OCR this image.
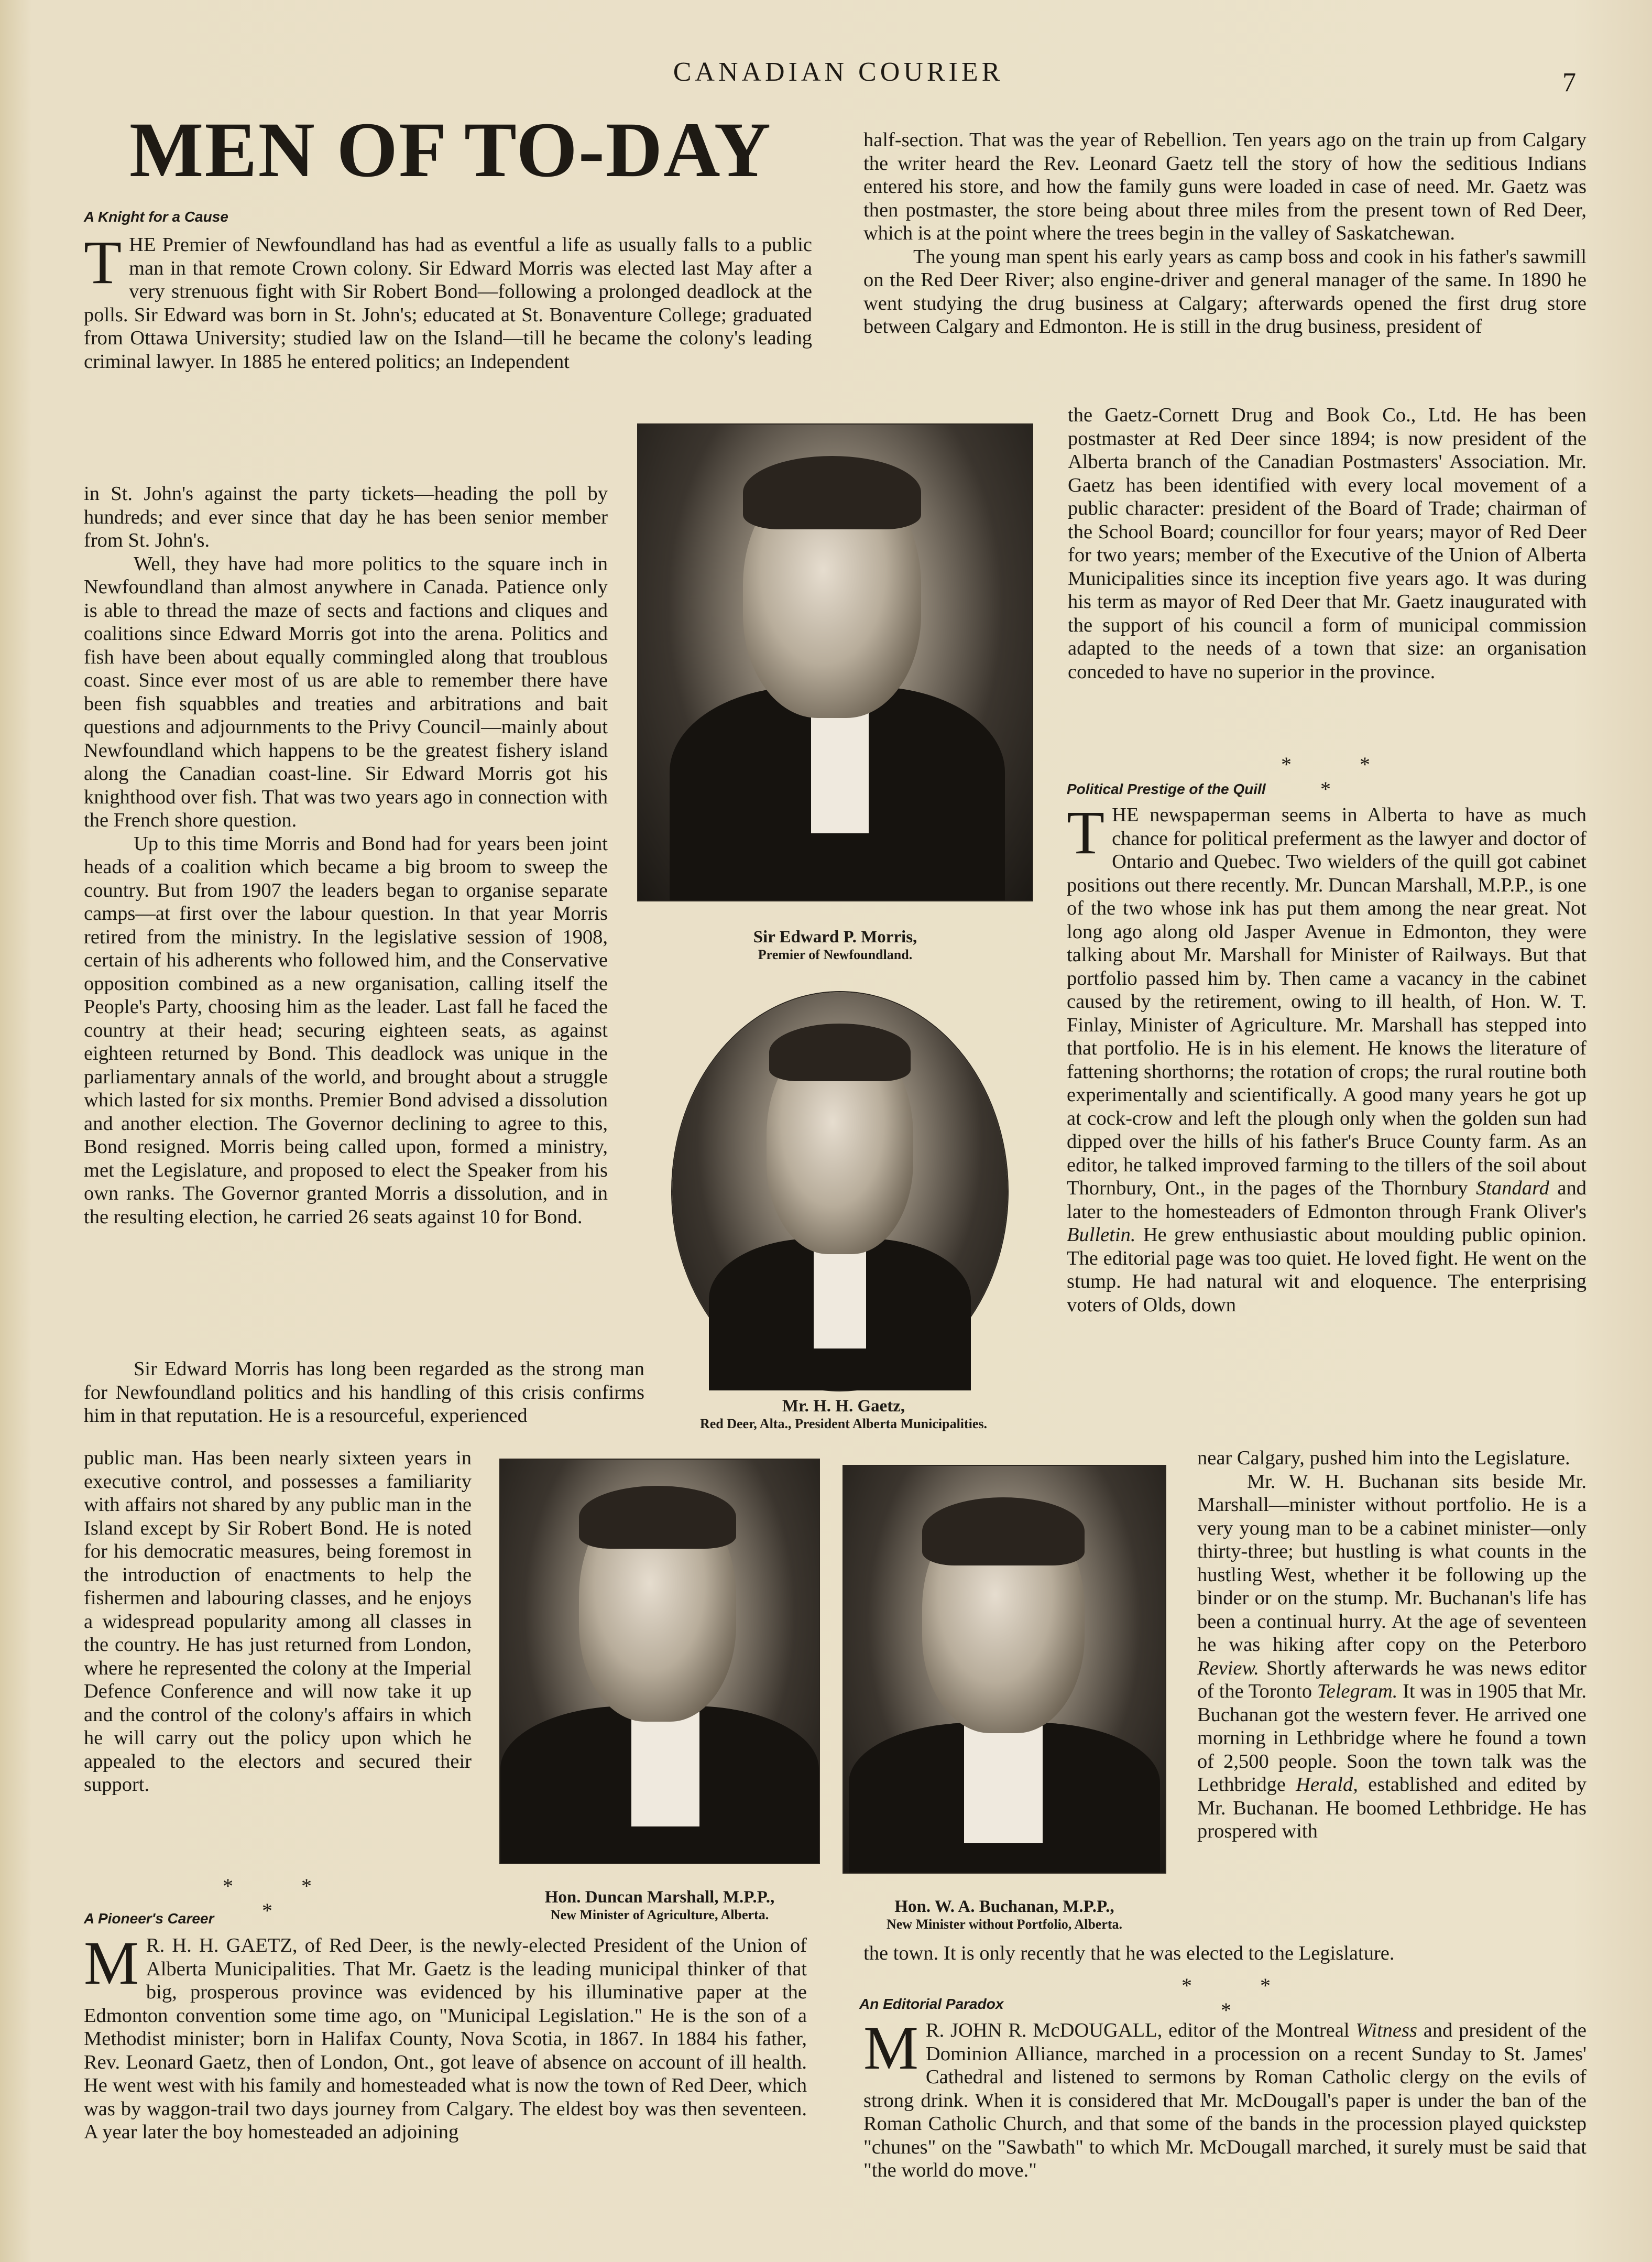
CANADIAN COURIER	7
MEN OF TO-DAY
A Knight for a Cause
T HE Premier of Newfoundland has had as eventful a life as usually falls to a public man in that remote Crown colony. Sir Edward Morris was elected last May after a very strenuous fight with Sir Robert Bond—following a prolonged deadlock at the polls. Sir Edward was born in St. John's; educated at St. Bonaventure College; graduated from Ottawa University; studied law on the Island—till he became the colony's leading criminal lawyer. In 1885 he entered politics; an Independent

in St. John's against the party tickets—heading the poll by hundreds; and ever since that day he has been senior member from St. John's.

Well, they have had more politics to the square inch in Newfoundland than almost anywhere in Canada. Patience only is able to thread the maze of sects and factions and cliques and coalitions since Edward Morris got into the arena. Politics and fish have been about equally commingled along that troublous coast. Since ever most of us are able to remember there have been fish squabbles and treaties and arbitrations and bait questions and adjournments to the Privy Council—mainly about Newfoundland which happens to be the greatest fishery island along the Canadian coast-line. Sir Edward Morris got his knighthood over fish. That was two years ago in connection with the French shore question.

Up to this time Morris and Bond had for years been joint heads of a coalition which became a big broom to sweep the country. But from 1907 the leaders began to organise separate camps—at first over the labour question. In that year Morris retired from the ministry. In the legislative session of 1908, certain of his adherents who followed him, and the Conservative opposition combined as a new organisation, calling itself the People's Party, choosing him as the leader. Last fall he faced the country at their head; securing eighteen seats, as against eighteen returned by Bond. This deadlock was unique in the parliamentary annals of the world, and brought about a struggle which lasted for six months. Premier Bond advised a dissolution and another election. The Governor declining to agree to this, Bond resigned. Morris being called upon, formed a ministry, met the Legislature, and proposed to elect the Speaker from his own ranks. The Governor granted Morris a dissolution, and in the resulting election, he carried 26 seats against 10 for Bond.

Sir Edward Morris has long been regarded as the strong man for Newfoundland politics and his handling of this crisis confirms him in that reputation. He is a resourceful, experienced

public man. Has been nearly sixteen years in executive control, and possesses a familiarity with affairs not shared by any public man in the Island except by Sir Robert Bond. He is noted for his democratic measures, being foremost in the introduction of enactments to help the fishermen and labouring classes, and he enjoys a widespread popularity among all classes in the country. He has just returned from London, where he represented the colony at the Imperial Defence Conference and will now take it up and the control of the colony's affairs in which he will carry out the policy upon which he appealed to the electors and secured their support.

* * *
A Pioneer's Career
M R. H. H. GAETZ, of Red Deer, is the newly-elected President of the Union of Alberta Municipalities. That Mr. Gaetz is the leading municipal thinker of that big, prosperous province was evidenced by his illuminative paper at the Edmonton convention some time ago, on "Municipal Legislation." He is the son of a Methodist minister; born in Halifax County, Nova Scotia, in 1867. In 1884 his father, Rev. Leonard Gaetz, then of London, Ont., got leave of absence on account of ill health. He went west with his family and homesteaded what is now the town of Red Deer, which was by waggon-trail two days journey from Calgary. The eldest boy was then seventeen. A year later the boy homesteaded an adjoining

half-section. That was the year of Rebellion. Ten years ago on the train up from Calgary the writer heard the Rev. Leonard Gaetz tell the story of how the seditious Indians entered his store, and how the family guns were loaded in case of need. Mr. Gaetz was then postmaster, the store being about three miles from the present town of Red Deer, which is at the point where the trees begin in the valley of Saskatchewan.

The young man spent his early years as camp boss and cook in his father's sawmill on the Red Deer River; also engine-driver and general manager of the same. In 1890 he went studying the drug business at Calgary; afterwards opened the first drug store between Calgary and Edmonton. He is still in the drug business, president of

the Gaetz-Cornett Drug and Book Co., Ltd. He has been postmaster at Red Deer since 1894; is now president of the Alberta branch of the Canadian Postmasters' Association. Mr. Gaetz has been identified with every local movement of a public character: president of the Board of Trade; chairman of the School Board; councillor for four years; mayor of Red Deer for two years; member of the Executive of the Union of Alberta Municipalities since its inception five years ago. It was during his term as mayor of Red Deer that Mr. Gaetz inaugurated with the support of his council a form of municipal commission adapted to the needs of a town that size: an organisation conceded to have no superior in the province.

* * *
Political Prestige of the Quill
T HE newspaperman seems in Alberta to have as much chance for political preferment as the lawyer and doctor of Ontario and Quebec. Two wielders of the quill got cabinet positions out there recently. Mr. Duncan Marshall, M.P.P., is one of the two whose ink has put them among the near great. Not long ago along old Jasper Avenue in Edmonton, they were talking about Mr. Marshall for Minister of Railways. But that portfolio passed him by. Then came a vacancy in the cabinet caused by the retirement, owing to ill health, of Hon. W. T. Finlay, Minister of Agriculture. Mr. Marshall has stepped into that portfolio. He is in his element. He knows the literature of fattening shorthorns; the rotation of crops; the rural routine both experimentally and scientifically. A good many years he got up at cock-crow and left the plough only when the golden sun had dipped over the hills of his father's Bruce County farm. As an editor, he talked improved farming to the tillers of the soil about Thornbury, Ont., in the pages of the Thornbury Standard and later to the homesteaders of Edmonton through Frank Oliver's Bulletin. He grew enthusiastic about moulding public opinion. The editorial page was too quiet. He loved fight. He went on the stump. He had natural wit and eloquence. The enterprising voters of Olds, down

near Calgary, pushed him into the Legislature.

Mr. W. H. Buchanan sits beside Mr. Marshall—minister without portfolio. He is a very young man to be a cabinet minister—only thirty-three; but hustling is what counts in the hustling West, whether it be following up the binder or on the stump. Mr. Buchanan's life has been a continual hurry. At the age of seventeen he was hiking after copy on the Peterboro Review. Shortly afterwards he was news editor of the Toronto Telegram. It was in 1905 that Mr. Buchanan got the western fever. He arrived one morning in Lethbridge where he found a town of 2,500 people. Soon the town talk was the Lethbridge Herald, established and edited by Mr. Buchanan. He boomed Lethbridge. He has prospered with

the town. It is only recently that he was elected to the Legislature.

* * *
An Editorial Paradox
M R. JOHN R. McDOUGALL, editor of the Montreal Witness and president of the Dominion Alliance, marched in a procession on a recent Sunday to St. James' Cathedral and listened to sermons by Roman Catholic clergy on the evils of strong drink. When it is considered that Mr. McDougall's paper is under the ban of the Roman Catholic Church, and that some of the bands in the procession played quickstep "chunes" on the "Sawbath" to which Mr. McDougall marched, it surely must be said that "the world do move."
Sir Edward P. Morris,
Premier of Newfoundland.
Mr. H. H. Gaetz,
Red Deer, Alta., President Alberta Municipalities.
Hon. Duncan Marshall, M.P.P.,
New Minister of Agriculture, Alberta.	Hon. W. A. Buchanan, M.P.P.,
New Minister without Portfolio, Alberta.
